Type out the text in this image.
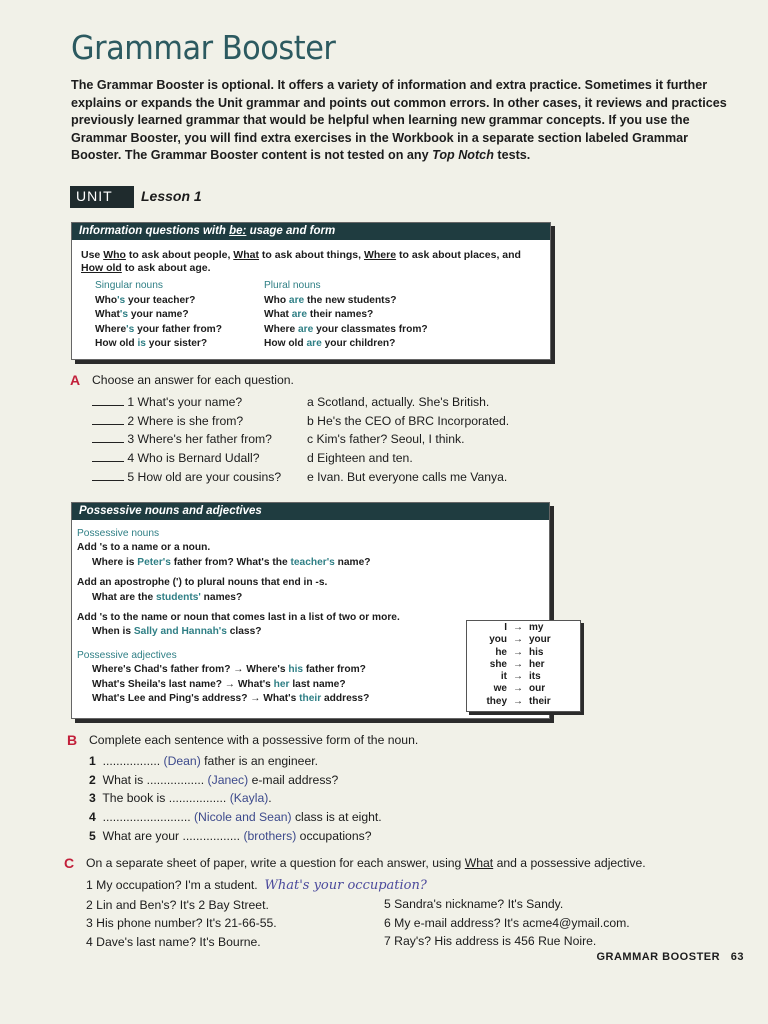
Grammar Booster

The Grammar Booster is optional. It offers a variety of information and extra practice. Sometimes it further explains or expands the Unit grammar and points out common errors. In other cases, it reviews and practices previously learned grammar that would be helpful when learning new grammar concepts. If you use the Grammar Booster, you will find extra exercises in the Workbook in a separate section labeled Grammar Booster. The Grammar Booster content is not tested on any Top Notch tests.

UNIT	Lesson 1
Information questions with be: usage and form
Use Who to ask about people, What to ask about things, Where to ask about places, and
How old to ask about age.
Singular nouns
Who's your teacher?
What's your name?
Where's your father from?
How old is your sister?
Plural nouns
Who are the new students?
What are their names?
Where are your classmates from?
How old are your children?
A Choose an answer for each question.
1 What's your name?
2 Where is she from?
3 Where's her father from?
4 Who is Bernard Udall?
5 How old are your cousins?
a Scotland, actually. She's British.
b He's the CEO of BRC Incorporated.
c Kim's father? Seoul, I think.
d Eighteen and ten.
e Ivan. But everyone calls me Vanya.
Possessive nouns and adjectives
Possessive nouns
Add 's to a name or a noun.
Where is Peter's father from? What's the teacher's name?
Add an apostrophe (') to plural nouns that end in -s.
What are the students' names?
Add 's to the name or noun that comes last in a list of two or more.
When is Sally and Hannah's class?
Possessive adjectives
Where's Chad's father from? → Where's his father from?
What's Sheila's last name? → What's her last name?
What's Lee and Ping's address? → What's their address?
I → my
you → your
he → his
she → her
it → its
we → our
they → their
B Complete each sentence with a possessive form of the noun.
1 ................. (Dean) father is an engineer.
2 What is ................. (Janec) e-mail address?
3 The book is ................. (Kayla).
4 .......................... (Nicole and Sean) class is at eight.
5 What are your ................. (brothers) occupations?
C On a separate sheet of paper, write a question for each answer, using What and a possessive adjective.
1 My occupation? I'm a student. What's your occupation?
2 Lin and Ben's? It's 2 Bay Street.
3 His phone number? It's 21-66-55.
4 Dave's last name? It's Bourne.
5 Sandra's nickname? It's Sandy.
6 My e-mail address? It's acme4@ymail.com.
7 Ray's? His address is 456 Rue Noire.
GRAMMAR BOOSTER 63
